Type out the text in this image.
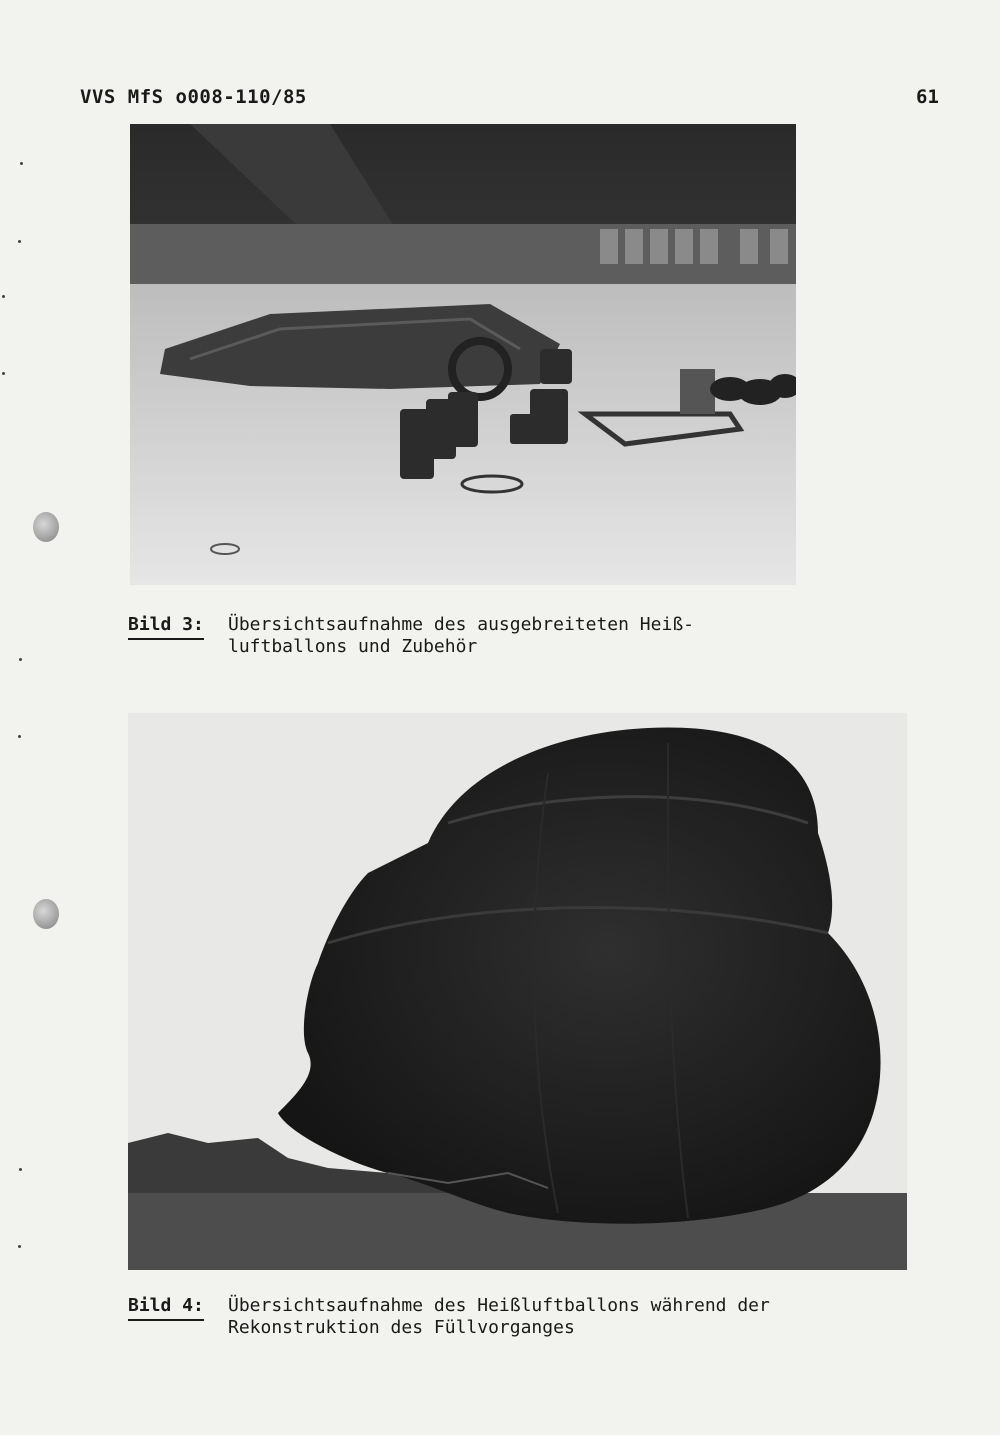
VVS MfS o008-110/85	61
Bild 3: Übersichtsaufnahme des ausgebreiteten Heiß-
luftballons und Zubehör
Bild 4: Übersichtsaufnahme des Heißluftballons während der
Rekonstruktion des Füllvorganges
